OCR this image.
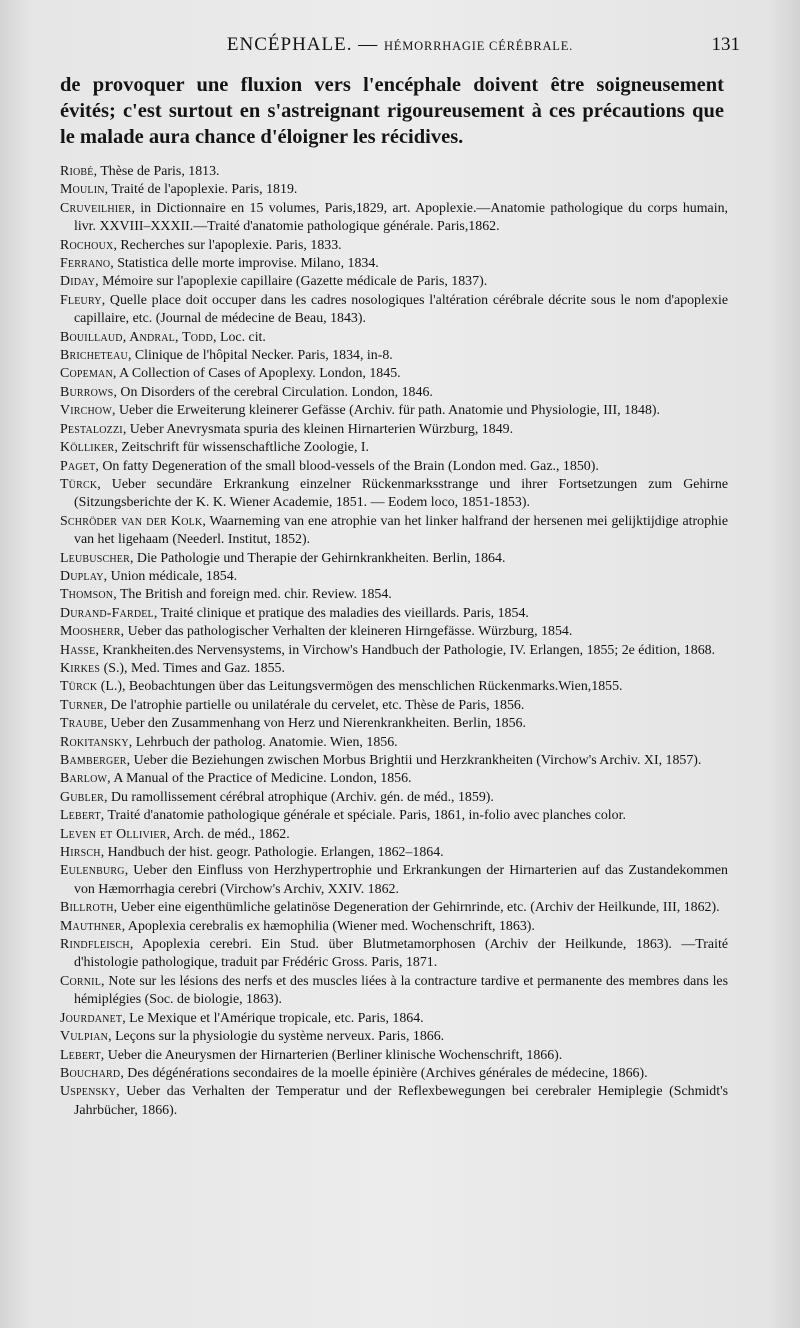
ENCÉPHALE. — HÉMORRHAGIE CÉRÉBRALE.	131
de provoquer une fluxion vers l'encéphale doivent être soigneusement évités; c'est surtout en s'astreignant rigoureusement à ces précautions que le malade aura chance d'éloigner les récidives.
Riobé, Thèse de Paris, 1813.
Moulin, Traité de l'apoplexie. Paris, 1819.
Cruveilhier, in Dictionnaire en 15 volumes, Paris,1829, art. Apoplexie.—Anatomie pathologique du corps humain, livr. XXVIII–XXXII.—Traité d'anatomie pathologique générale. Paris,1862.
Rochoux, Recherches sur l'apoplexie. Paris, 1833.
Ferrano, Statistica delle morte improvise. Milano, 1834.
Diday, Mémoire sur l'apoplexie capillaire (Gazette médicale de Paris, 1837).
Fleury, Quelle place doit occuper dans les cadres nosologiques l'altération cérébrale décrite sous le nom d'apoplexie capillaire, etc. (Journal de médecine de Beau, 1843).
Bouillaud, Andral, Todd, Loc. cit.
Bricheteau, Clinique de l'hôpital Necker. Paris, 1834, in-8.
Copeman, A Collection of Cases of Apoplexy. London, 1845.
Burrows, On Disorders of the cerebral Circulation. London, 1846.
Virchow, Ueber die Erweiterung kleinerer Gefässe (Archiv. für path. Anatomie und Physiologie, III, 1848).
Pestalozzi, Ueber Anevrysmata spuria des kleinen Hirnarterien Würzburg, 1849.
Kölliker, Zeitschrift für wissenschaftliche Zoologie, I.
Paget, On fatty Degeneration of the small blood-vessels of the Brain (London med. Gaz., 1850).
Türck, Ueber secundäre Erkrankung einzelner Rückenmarksstrange und ihrer Fortsetzungen zum Gehirne (Sitzungsberichte der K. K. Wiener Academie, 1851. — Eodem loco, 1851-1853).
Schröder van der Kolk, Waarneming van ene atrophie van het linker halfrand der hersenen mei gelijktijdige atrophie van het ligehaam (Neederl. Institut, 1852).
Leubuscher, Die Pathologie und Therapie der Gehirnkrankheiten. Berlin, 1864.
Duplay, Union médicale, 1854.
Thomson, The British and foreign med. chir. Review. 1854.
Durand-Fardel, Traité clinique et pratique des maladies des vieillards. Paris, 1854.
Moosherr, Ueber das pathologischer Verhalten der kleineren Hirngefässe. Würzburg, 1854.
Hasse, Krankheiten.des Nervensystems, in Virchow's Handbuch der Pathologie, IV. Erlangen, 1855; 2e édition, 1868.
Kirkes (S.), Med. Times and Gaz. 1855.
Türck (L.), Beobachtungen über das Leitungsvermögen des menschlichen Rückenmarks.Wien,1855.
Turner, De l'atrophie partielle ou unilatérale du cervelet, etc. Thèse de Paris, 1856.
Traube, Ueber den Zusammenhang von Herz und Nierenkrankheiten. Berlin, 1856.
Rokitansky, Lehrbuch der patholog. Anatomie. Wien, 1856.
Bamberger, Ueber die Beziehungen zwischen Morbus Brightii und Herzkrankheiten (Virchow's Archiv. XI, 1857).
Barlow, A Manual of the Practice of Medicine. London, 1856.
Gubler, Du ramollissement cérébral atrophique (Archiv. gén. de méd., 1859).
Lebert, Traité d'anatomie pathologique générale et spéciale. Paris, 1861, in-folio avec planches color.
Leven et Ollivier, Arch. de méd., 1862.
Hirsch, Handbuch der hist. geogr. Pathologie. Erlangen, 1862–1864.
Eulenburg, Ueber den Einfluss von Herzhypertrophie und Erkrankungen der Hirnarterien auf das Zustandekommen von Hæmorrhagia cerebri (Virchow's Archiv, XXIV. 1862.
Billroth, Ueber eine eigenthümliche gelatinöse Degeneration der Gehirnrinde, etc. (Archiv der Heilkunde, III, 1862).
Mauthner, Apoplexia cerebralis ex hæmophilia (Wiener med. Wochenschrift, 1863).
Rindfleisch, Apoplexia cerebri. Ein Stud. über Blutmetamorphosen (Archiv der Heilkunde, 1863). —Traité d'histologie pathologique, traduit par Frédéric Gross. Paris, 1871.
Cornil, Note sur les lésions des nerfs et des muscles liées à la contracture tardive et permanente des membres dans les hémiplégies (Soc. de biologie, 1863).
Jourdanet, Le Mexique et l'Amérique tropicale, etc. Paris, 1864.
Vulpian, Leçons sur la physiologie du système nerveux. Paris, 1866.
Lebert, Ueber die Aneurysmen der Hirnarterien (Berliner klinische Wochenschrift, 1866).
Bouchard, Des dégénérations secondaires de la moelle épinière (Archives générales de médecine, 1866).
Uspensky, Ueber das Verhalten der Temperatur und der Reflexbewegungen bei cerebraler Hemiplegie (Schmidt's Jahrbücher, 1866).
